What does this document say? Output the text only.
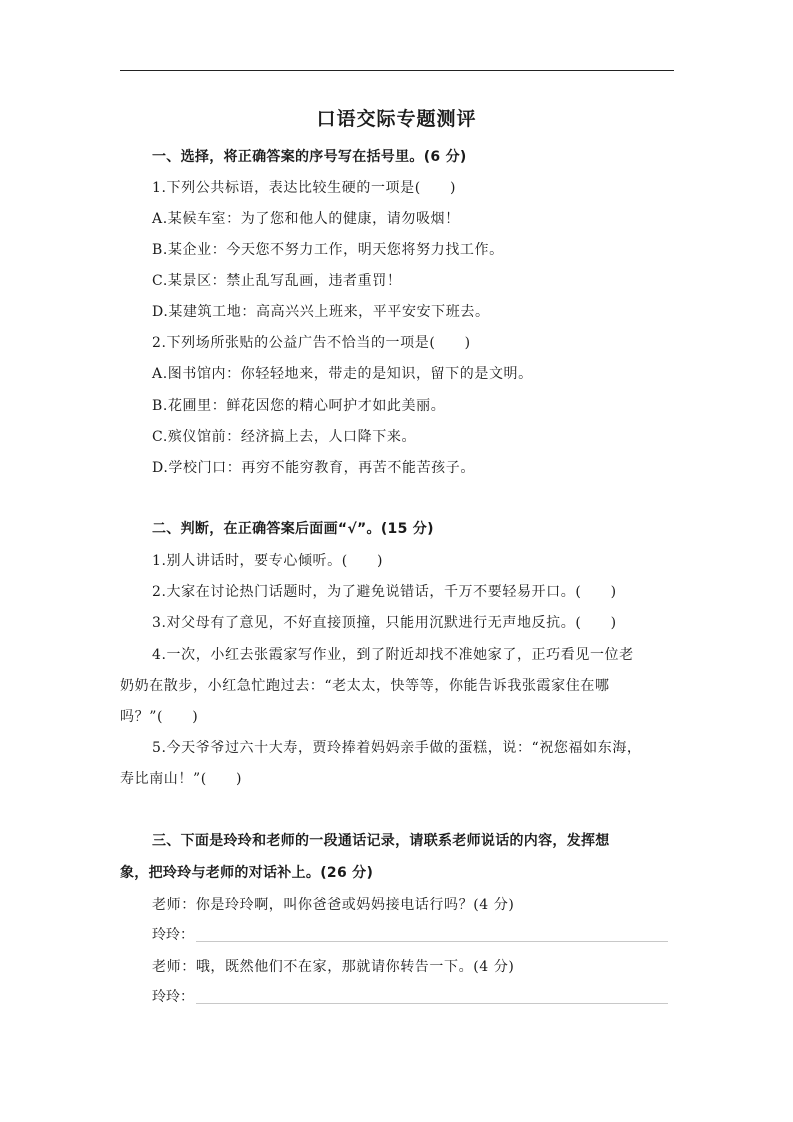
口语交际专题测评
一、选择，将正确答案的序号写在括号里。(6 分)
1.下列公共标语，表达比较生硬的一项是(　　)
A.某候车室：为了您和他人的健康，请勿吸烟！
B.某企业：今天您不努力工作，明天您将努力找工作。
C.某景区：禁止乱写乱画，违者重罚！
D.某建筑工地：高高兴兴上班来，平平安安下班去。
2.下列场所张贴的公益广告不恰当的一项是(　　)
A.图书馆内：你轻轻地来，带走的是知识，留下的是文明。
B.花圃里：鲜花因您的精心呵护才如此美丽。
C.殡仪馆前：经济搞上去，人口降下来。
D.学校门口：再穷不能穷教育，再苦不能苦孩子。
二、判断，在正确答案后面画“√”。(15 分)
1.别人讲话时，要专心倾听。(　　)
2.大家在讨论热门话题时，为了避免说错话，千万不要轻易开口。(　　)
3.对父母有了意见，不好直接顶撞，只能用沉默进行无声地反抗。(　　)
4.一次，小红去张霞家写作业，到了附近却找不准她家了，正巧看见一位老
奶奶在散步，小红急忙跑过去：“老太太，快等等，你能告诉我张霞家住在哪
吗？”(　　)
5.今天爷爷过六十大寿，贾玲捧着妈妈亲手做的蛋糕，说：“祝您福如东海，
寿比南山！”(　　)
三、下面是玲玲和老师的一段通话记录，请联系老师说话的内容，发挥想
象，把玲玲与老师的对话补上。(26 分)
老师：你是玲玲啊，叫你爸爸或妈妈接电话行吗？(4 分)
玲玲：
老师：哦，既然他们不在家，那就请你转告一下。(4 分)
玲玲：
